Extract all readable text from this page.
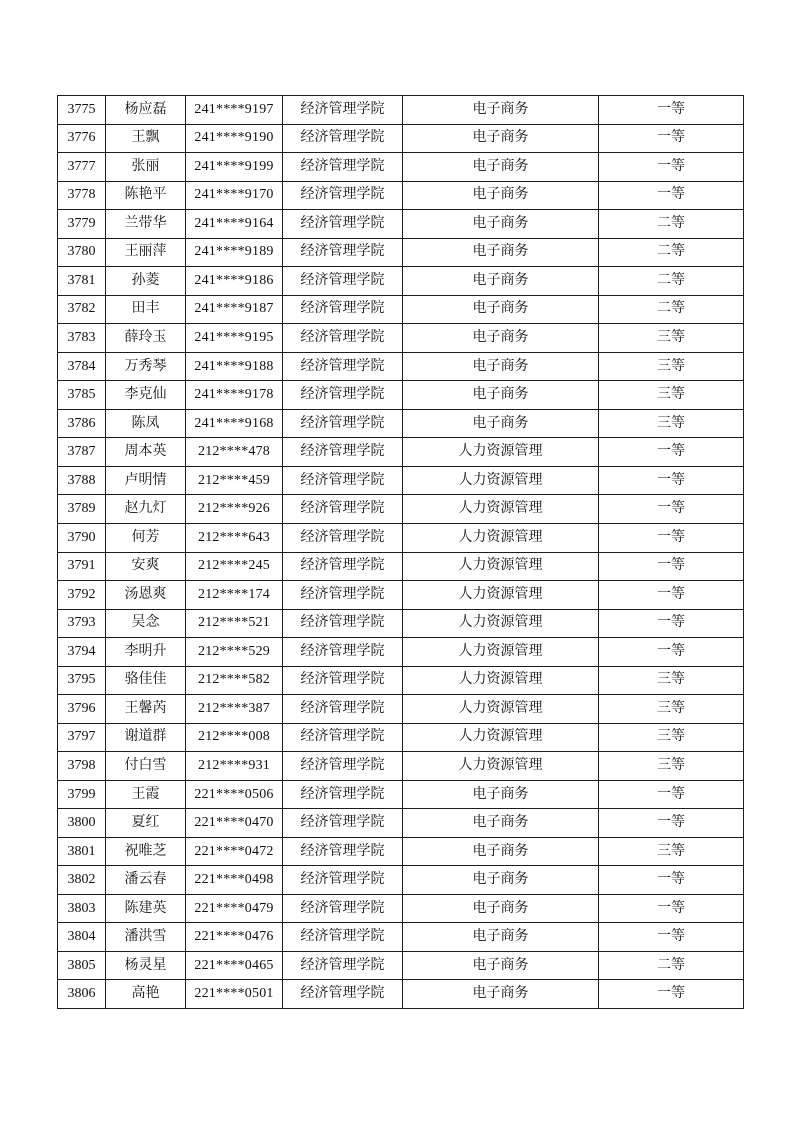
3775	杨应磊	241****9197	经济管理学院	电子商务	一等
3776	王飘	241****9190	经济管理学院	电子商务	一等
3777	张丽	241****9199	经济管理学院	电子商务	一等
3778	陈艳平	241****9170	经济管理学院	电子商务	一等
3779	兰带华	241****9164	经济管理学院	电子商务	二等
3780	王丽萍	241****9189	经济管理学院	电子商务	二等
3781	孙菱	241****9186	经济管理学院	电子商务	二等
3782	田丰	241****9187	经济管理学院	电子商务	二等
3783	薛玲玉	241****9195	经济管理学院	电子商务	三等
3784	万秀琴	241****9188	经济管理学院	电子商务	三等
3785	李克仙	241****9178	经济管理学院	电子商务	三等
3786	陈凤	241****9168	经济管理学院	电子商务	三等
3787	周本英	212****478	经济管理学院	人力资源管理	一等
3788	卢明情	212****459	经济管理学院	人力资源管理	一等
3789	赵九灯	212****926	经济管理学院	人力资源管理	一等
3790	何芳	212****643	经济管理学院	人力资源管理	一等
3791	安爽	212****245	经济管理学院	人力资源管理	一等
3792	汤恩爽	212****174	经济管理学院	人力资源管理	一等
3793	吴念	212****521	经济管理学院	人力资源管理	一等
3794	李明升	212****529	经济管理学院	人力资源管理	一等
3795	骆佳佳	212****582	经济管理学院	人力资源管理	三等
3796	王馨芮	212****387	经济管理学院	人力资源管理	三等
3797	谢道群	212****008	经济管理学院	人力资源管理	三等
3798	付白雪	212****931	经济管理学院	人力资源管理	三等
3799	王霞	221****0506	经济管理学院	电子商务	一等
3800	夏红	221****0470	经济管理学院	电子商务	一等
3801	祝唯芝	221****0472	经济管理学院	电子商务	三等
3802	潘云春	221****0498	经济管理学院	电子商务	一等
3803	陈建英	221****0479	经济管理学院	电子商务	一等
3804	潘洪雪	221****0476	经济管理学院	电子商务	一等
3805	杨灵星	221****0465	经济管理学院	电子商务	二等
3806	高艳	221****0501	经济管理学院	电子商务	一等
